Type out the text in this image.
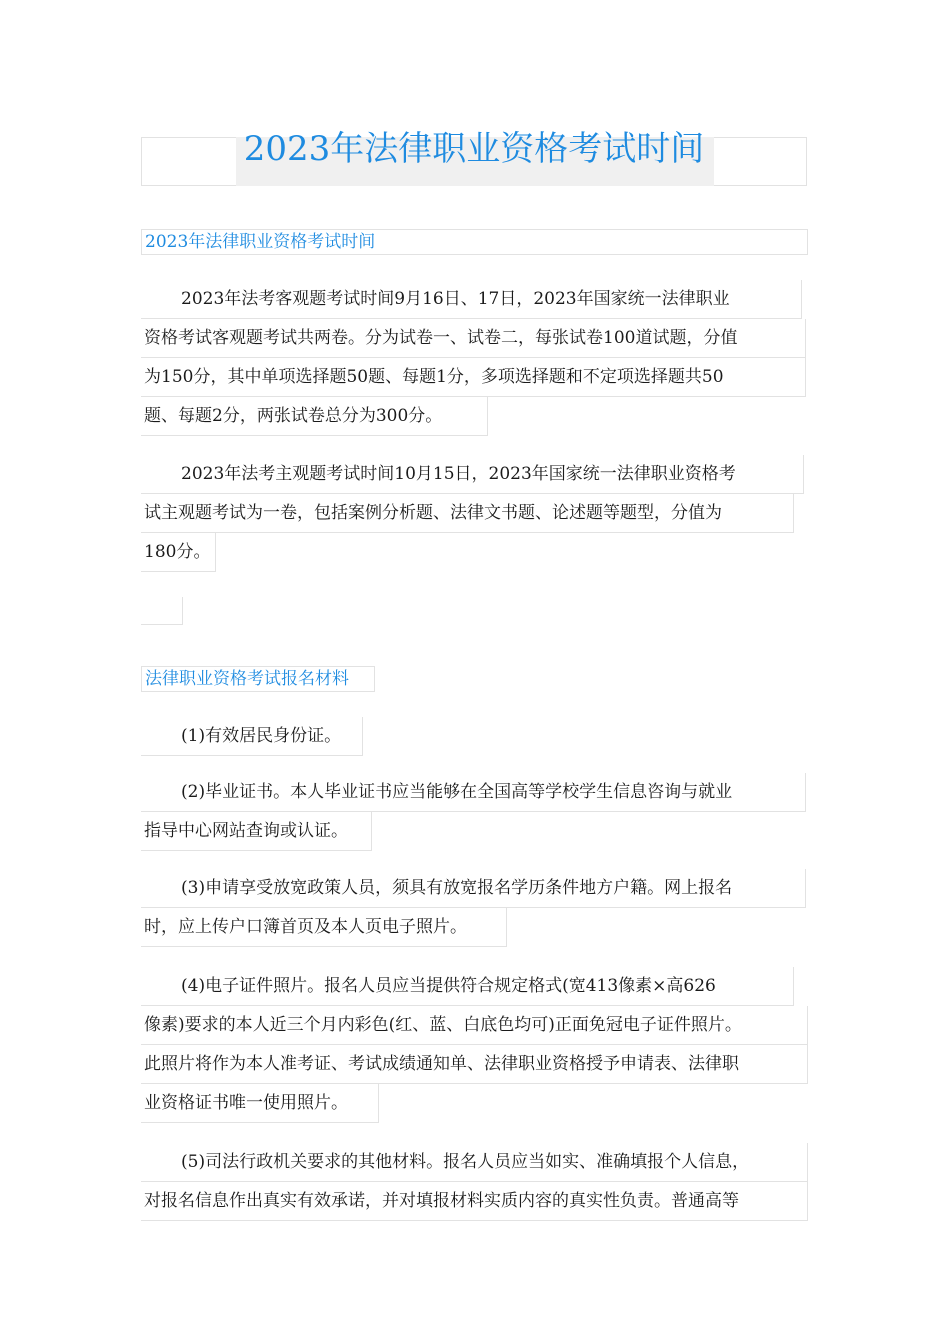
2023年法律职业资格考试时间
2023年法律职业资格考试时间
2023年法考客观题考试时间9月16日、17日，2023年国家统一法律职业
资格考试客观题考试共两卷。分为试卷一、试卷二，每张试卷100道试题，分值
为150分，其中单项选择题50题、每题1分，多项选择题和不定项选择题共50
题、每题2分，两张试卷总分为300分。
2023年法考主观题考试时间10月15日，2023年国家统一法律职业资格考
试主观题考试为一卷，包括案例分析题、法律文书题、论述题等题型，分值为
180分。
法律职业资格考试报名材料
(1)有效居民身份证。
(2)毕业证书。本人毕业证书应当能够在全国高等学校学生信息咨询与就业
指导中心网站查询或认证。
(3)申请享受放宽政策人员，须具有放宽报名学历条件地方户籍。网上报名
时，应上传户口簿首页及本人页电子照片。
(4)电子证件照片。报名人员应当提供符合规定格式(宽413像素×高626
像素)要求的本人近三个月内彩色(红、蓝、白底色均可)正面免冠电子证件照片。
此照片将作为本人准考证、考试成绩通知单、法律职业资格授予申请表、法律职
业资格证书唯一使用照片。
(5)司法行政机关要求的其他材料。报名人员应当如实、准确填报个人信息，
对报名信息作出真实有效承诺，并对填报材料实质内容的真实性负责。普通高等
